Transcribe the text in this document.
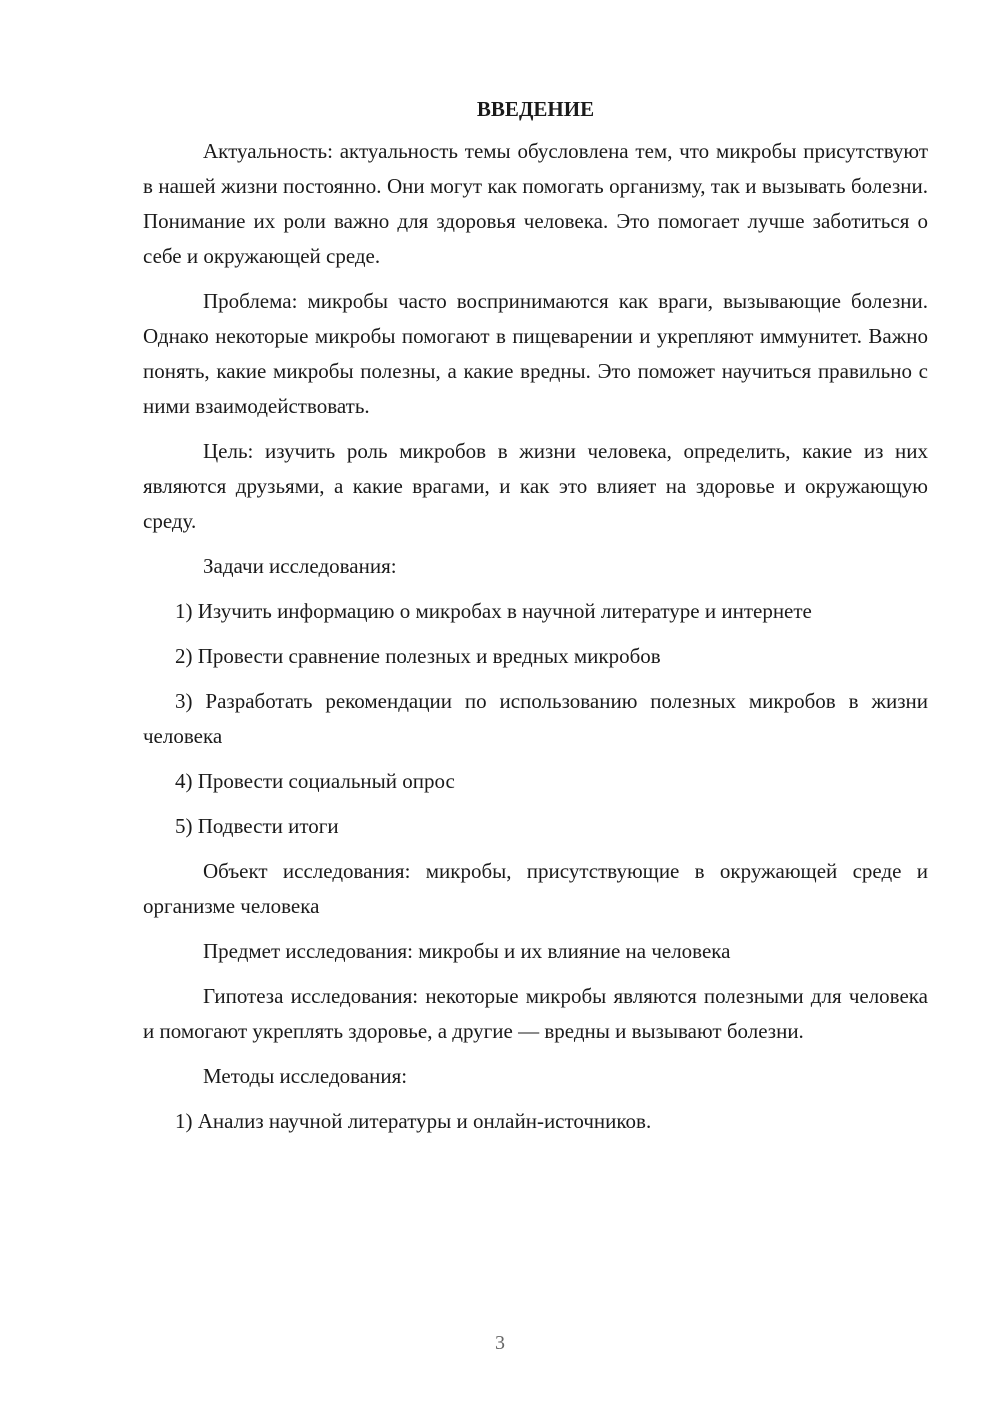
ВВЕДЕНИЕ

Актуальность: актуальность темы обусловлена тем, что микробы присутствуют в нашей жизни постоянно. Они могут как помогать организму, так и вызывать болезни. Понимание их роли важно для здоровья человека. Это помогает лучше заботиться о себе и окружающей среде.

Проблема: микробы часто воспринимаются как враги, вызывающие болезни. Однако некоторые микробы помогают в пищеварении и укрепляют иммунитет. Важно понять, какие микробы полезны, а какие вредны. Это поможет научиться правильно с ними взаимодействовать.

Цель: изучить роль микробов в жизни человека, определить, какие из них являются друзьями, а какие врагами, и как это влияет на здоровье и окружающую среду.

Задачи исследования:

1) Изучить информацию о микробах в научной литературе и интернете

2) Провести сравнение полезных и вредных микробов

3) Разработать рекомендации по использованию полезных микробов в жизни человека

4) Провести социальный опрос

5) Подвести итоги

Объект исследования: микробы, присутствующие в окружающей среде и организме человека

Предмет исследования: микробы и их влияние на человека

Гипотеза исследования: некоторые микробы являются полезными для человека и помогают укреплять здоровье, а другие — вредны и вызывают болезни.

Методы исследования:

1) Анализ научной литературы и онлайн-источников.

3
